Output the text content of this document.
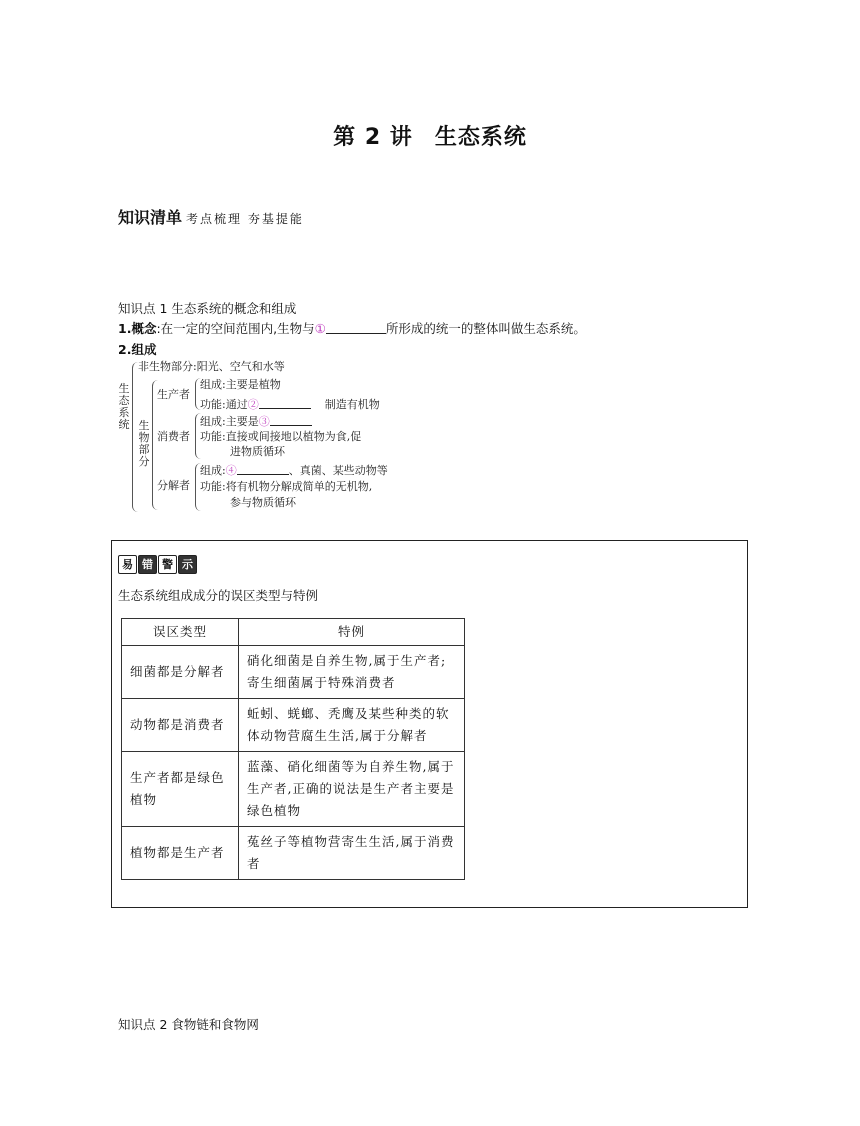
第 2 讲 生态系统
知识清单 考点梳理 夯基提能
知识点 1 生态系统的概念和组成
1.概念:在一定的空间范围内,生物与①	所形成的统一的整体叫做生态系统。
2.组成
生态系统
非生物部分:阳光、空气和水等
生物部分
生产者
组成:主要是植物
功能:通过②	制造有机物
消费者
组成:主要是③
功能:直接或间接地以植物为食,促
进物质循环
分解者
组成:④	、真菌、某些动物等
功能:将有机物分解成简单的无机物,
参与物质循环
易 错 警 示
生态系统组成成分的误区类型与特例
误区类型	特例
细菌都是分解者	硝化细菌是自养生物,属于生产者;寄生细菌属于特殊消费者
动物都是消费者	蚯蚓、蜣螂、秃鹰及某些种类的软体动物营腐生生活,属于分解者
生产者都是绿色植物	蓝藻、硝化细菌等为自养生物,属于生产者,正确的说法是生产者主要是绿色植物
植物都是生产者	菟丝子等植物营寄生生活,属于消费者
知识点 2 食物链和食物网
